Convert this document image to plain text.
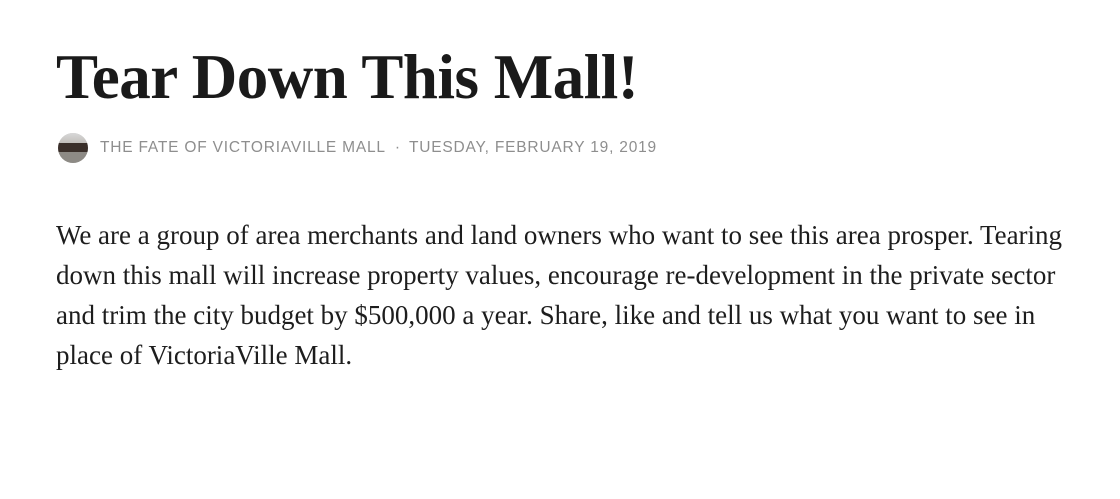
Tear Down This Mall!
THE FATE OF VICTORIAVILLE MALL · TUESDAY, FEBRUARY 19, 2019
We are a group of area merchants and land owners who want to see this area prosper. Tearing down this mall will increase property values, encourage re-development in the private sector and trim the city budget by $500,000 a year. Share, like and tell us what you want to see in place of VictoriaVille Mall.
